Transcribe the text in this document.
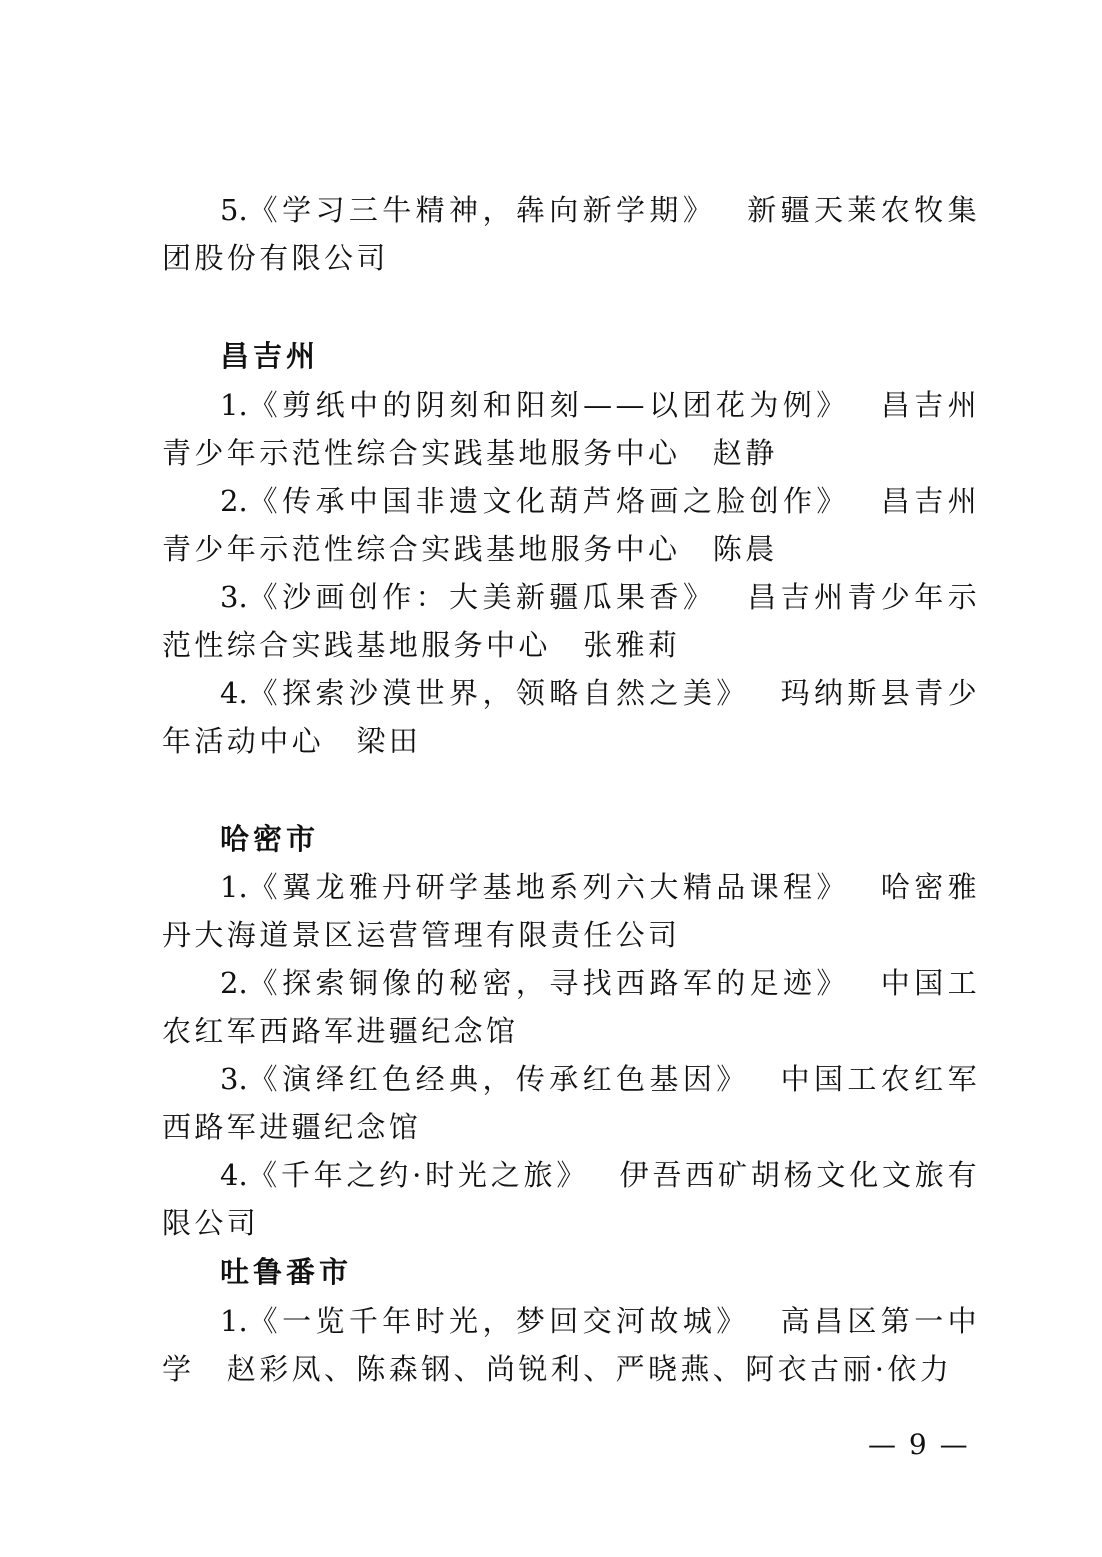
5.《学习三牛精神，犇向新学期》 新疆天莱农牧集团股份有限公司

昌吉州

1.《剪纸中的阴刻和阳刻——以团花为例》 昌吉州青少年示范性综合实践基地服务中心　赵静

2.《传承中国非遗文化葫芦烙画之脸创作》 昌吉州青少年示范性综合实践基地服务中心　陈晨

3.《沙画创作：大美新疆瓜果香》 昌吉州青少年示范性综合实践基地服务中心　张雅莉

4.《探索沙漠世界，领略自然之美》 玛纳斯县青少年活动中心　梁田

哈密市

1.《翼龙雅丹研学基地系列六大精品课程》 哈密雅丹大海道景区运营管理有限责任公司

2.《探索铜像的秘密，寻找西路军的足迹》 中国工农红军西路军进疆纪念馆

3.《演绎红色经典，传承红色基因》 中国工农红军西路军进疆纪念馆

4.《千年之约·时光之旅》 伊吾西矿胡杨文化文旅有限公司

吐鲁番市

1.《一览千年时光，梦回交河故城》 高昌区第一中学　赵彩凤、陈森钢、尚锐利、严晓燕、阿衣古丽·依力

— 9 —
